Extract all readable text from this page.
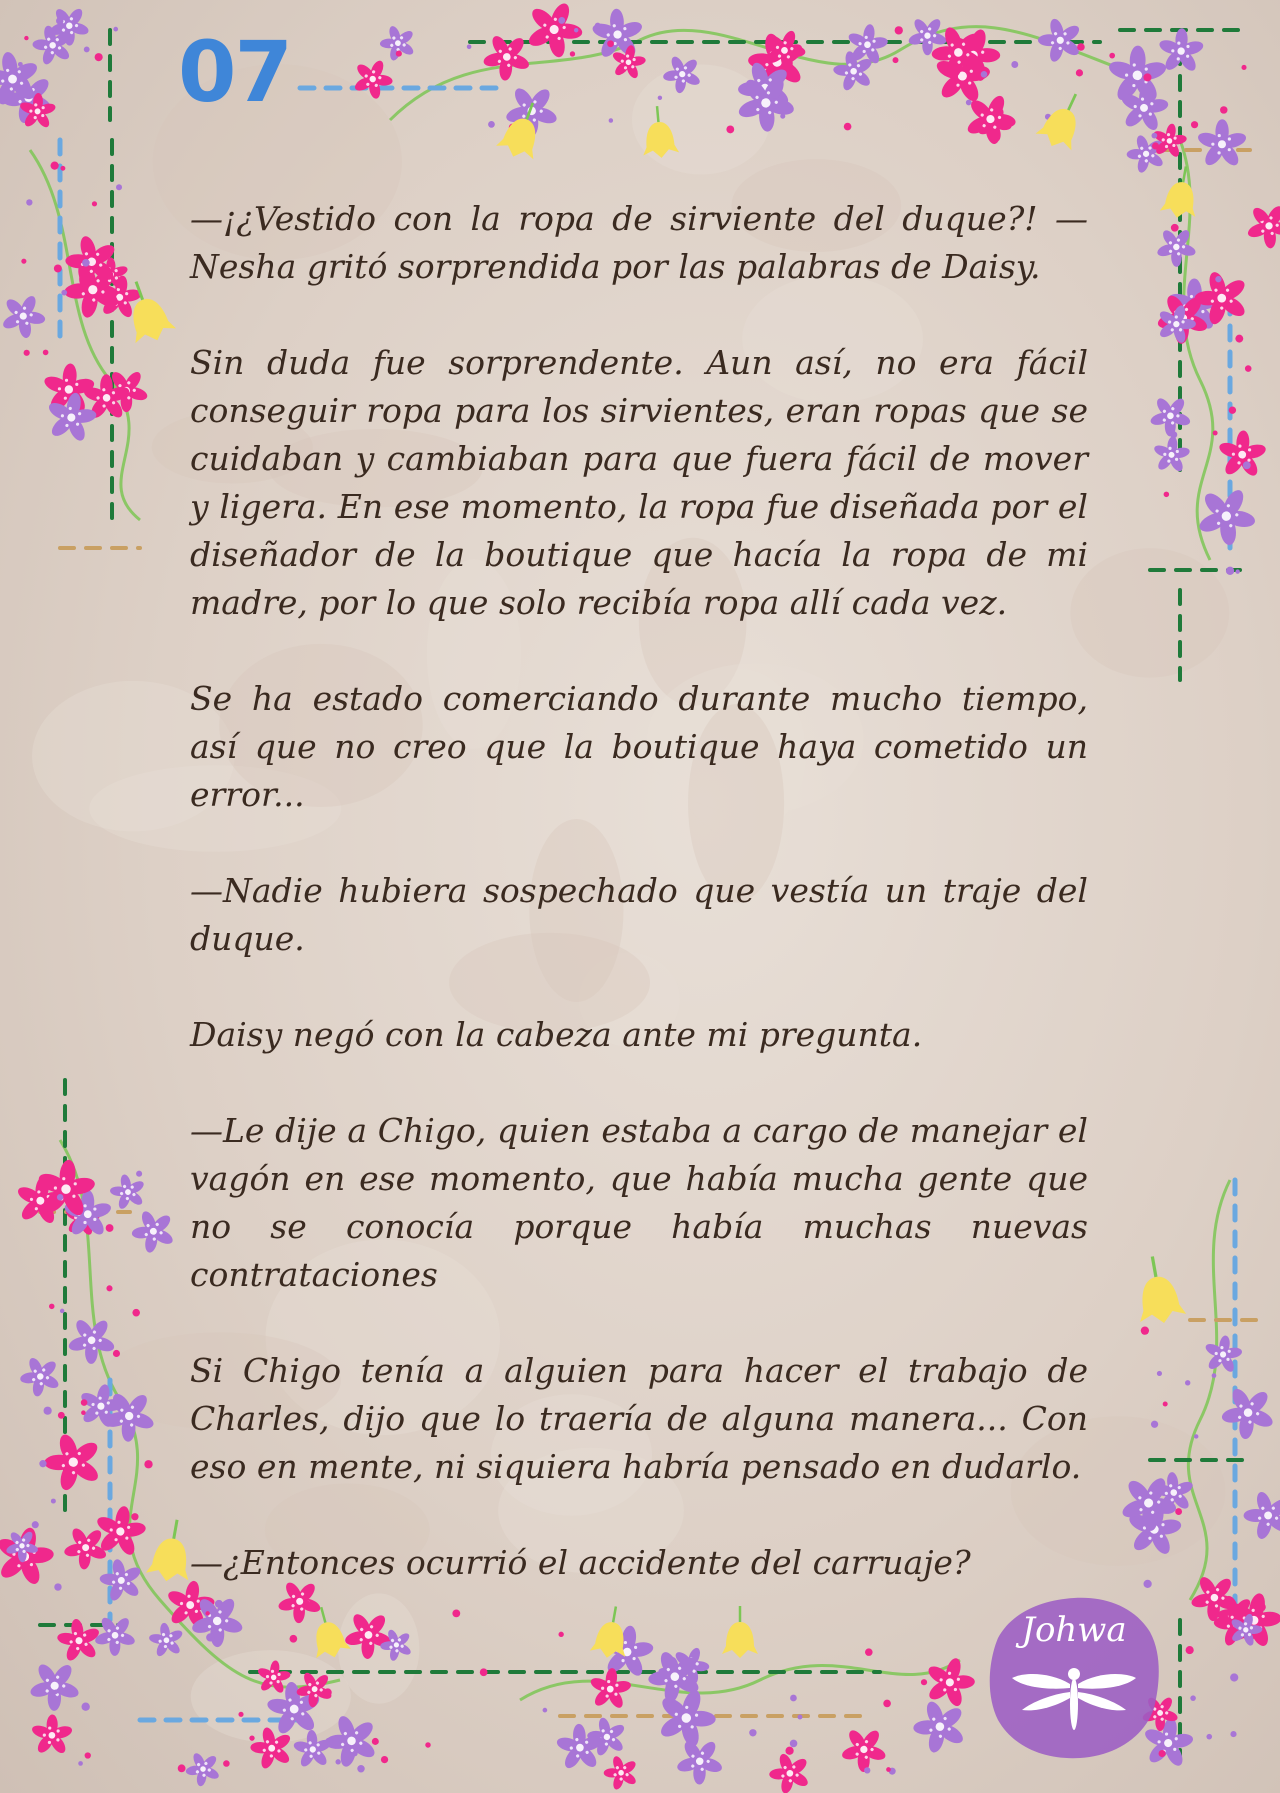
07

—¡¿Vestido con la ropa de sirviente del duque?! —Nesha gritó sorprendida por las palabras de Daisy.

Sin duda fue sorprendente. Aun así, no era fácil conseguir ropa para los sirvientes, eran ropas que se cuidaban y cambiaban para que fuera fácil de mover y ligera. En ese momento, la ropa fue diseñada por el diseñador de la boutique que hacía la ropa de mi madre, por lo que solo recibía ropa allí cada vez.

Se ha estado comerciando durante mucho tiempo, así que no creo que la boutique haya cometido un error...

—Nadie hubiera sospechado que vestía un traje del duque.

Daisy negó con la cabeza ante mi pregunta.

—Le dije a Chigo, quien estaba a cargo de manejar el vagón en ese momento, que había mucha gente que no se conocía porque había muchas nuevas contrataciones

Si Chigo tenía a alguien para hacer el trabajo de Charles, dijo que lo traería de alguna manera... Con eso en mente, ni siquiera habría pensado en dudarlo.

—¿Entonces ocurrió el accidente del carruaje?

Johwa
